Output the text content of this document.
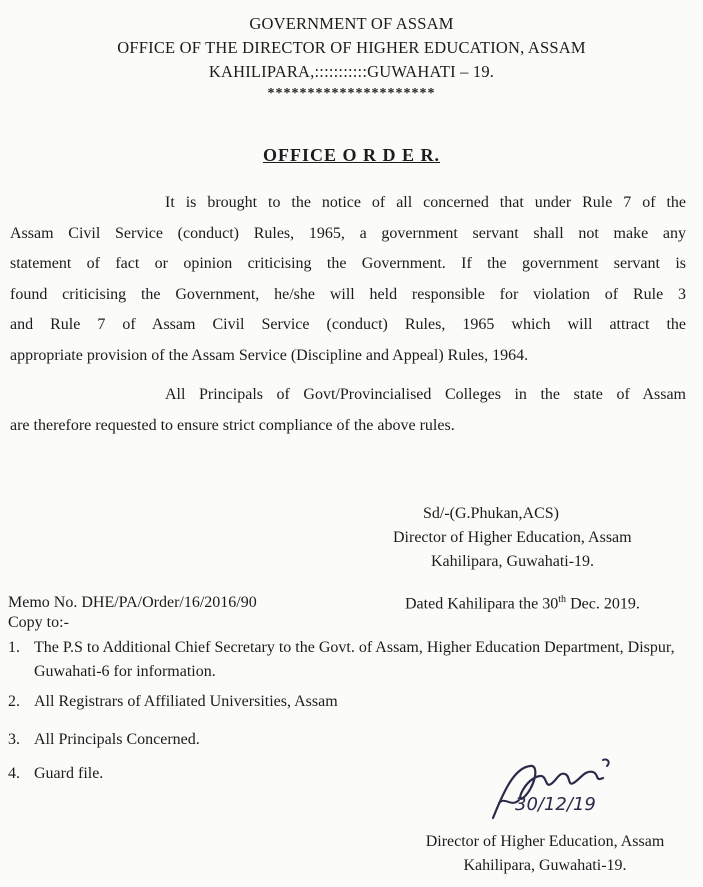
GOVERNMENT OF ASSAM
OFFICE OF THE DIRECTOR OF HIGHER EDUCATION, ASSAM
KAHILIPARA,:::::::::::GUWAHATI – 19.
*********************
OFFICE O R D E R.
It is brought to the notice of all concerned that under Rule 7 of the
Assam Civil Service (conduct) Rules, 1965, a government servant shall not make any
statement of fact or opinion criticising the Government. If the government servant is
found criticising the Government, he/she will held responsible for violation of Rule 3
and Rule 7 of Assam Civil Service (conduct) Rules, 1965 which will attract the
appropriate provision of the Assam Service (Discipline and Appeal) Rules, 1964.
All Principals of Govt/Provincialised Colleges in the state of Assam
are therefore requested to ensure strict compliance of the above rules.
Sd/-(G.Phukan,ACS)
Director of Higher Education, Assam
Kahilipara, Guwahati-19.
Memo No. DHE/PA/Order/16/2016/90	Dated Kahilipara the 30th Dec. 2019.
Copy to:-
1. The P.S to Additional Chief Secretary to the Govt. of Assam, Higher Education Department, Dispur, Guwahati-6 for information.
2. All Registrars of Affiliated Universities, Assam
3. All Principals Concerned.
4. Guard file.
30/12/19
Director of Higher Education, Assam
Kahilipara, Guwahati-19.
